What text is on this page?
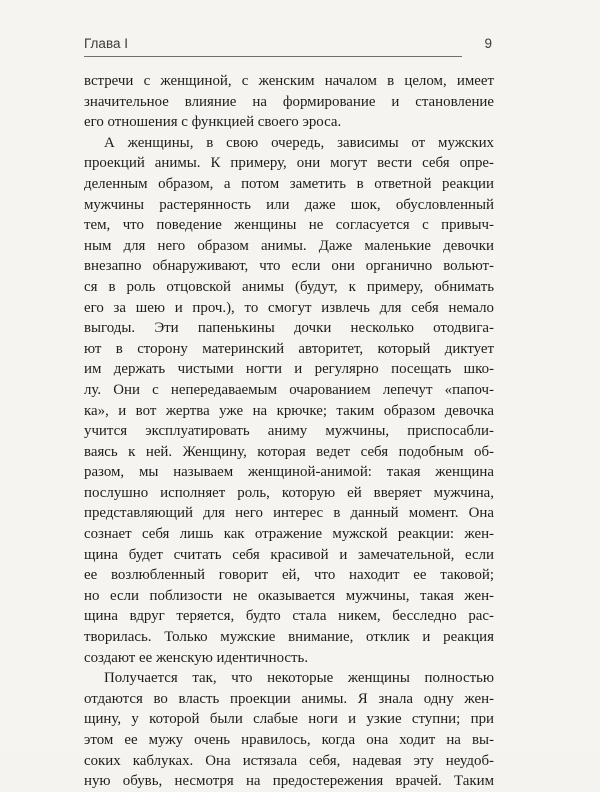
Глава I	9

встречи с женщиной, с женским началом в целом, имеет
значительное влияние на формирование и становление
его отношения с функцией своего эроса.

А женщины, в свою очередь, зависимы от мужских
проекций анимы. К примеру, они могут вести себя опре-
деленным образом, а потом заметить в ответной реакции
мужчины растерянность или даже шок, обусловленный
тем, что поведение женщины не согласуется с привыч-
ным для него образом анимы. Даже маленькие девочки
внезапно обнаруживают, что если они органично вольют-
ся в роль отцовской анимы (будут, к примеру, обнимать
его за шею и проч.), то смогут извлечь для себя немало
выгоды. Эти папенькины дочки несколько отодвига-
ют в сторону материнский авторитет, который диктует
им держать чистыми ногти и регулярно посещать шко-
лу. Они с непередаваемым очарованием лепечут «папоч-
ка», и вот жертва уже на крючке; таким образом девочка
учится эксплуатировать аниму мужчины, приспосабли-
ваясь к ней. Женщину, которая ведет себя подобным об-
разом, мы называем женщиной-анимой: такая женщина
послушно исполняет роль, которую ей вверяет мужчина,
представляющий для него интерес в данный момент. Она
сознает себя лишь как отражение мужской реакции: жен-
щина будет считать себя красивой и замечательной, если
ее возлюбленный говорит ей, что находит ее таковой;
но если поблизости не оказывается мужчины, такая жен-
щина вдруг теряется, будто стала никем, бесследно рас-
творилась. Только мужские внимание, отклик и реакция
создают ее женскую идентичность.

Получается так, что некоторые женщины полностью
отдаются во власть проекции анимы. Я знала одну жен-
щину, у которой были слабые ноги и узкие ступни; при
этом ее мужу очень нравилось, когда она ходит на вы-
соких каблуках. Она истязала себя, надевая эту неудоб-
ную обувь, несмотря на предостережения врачей. Таким
